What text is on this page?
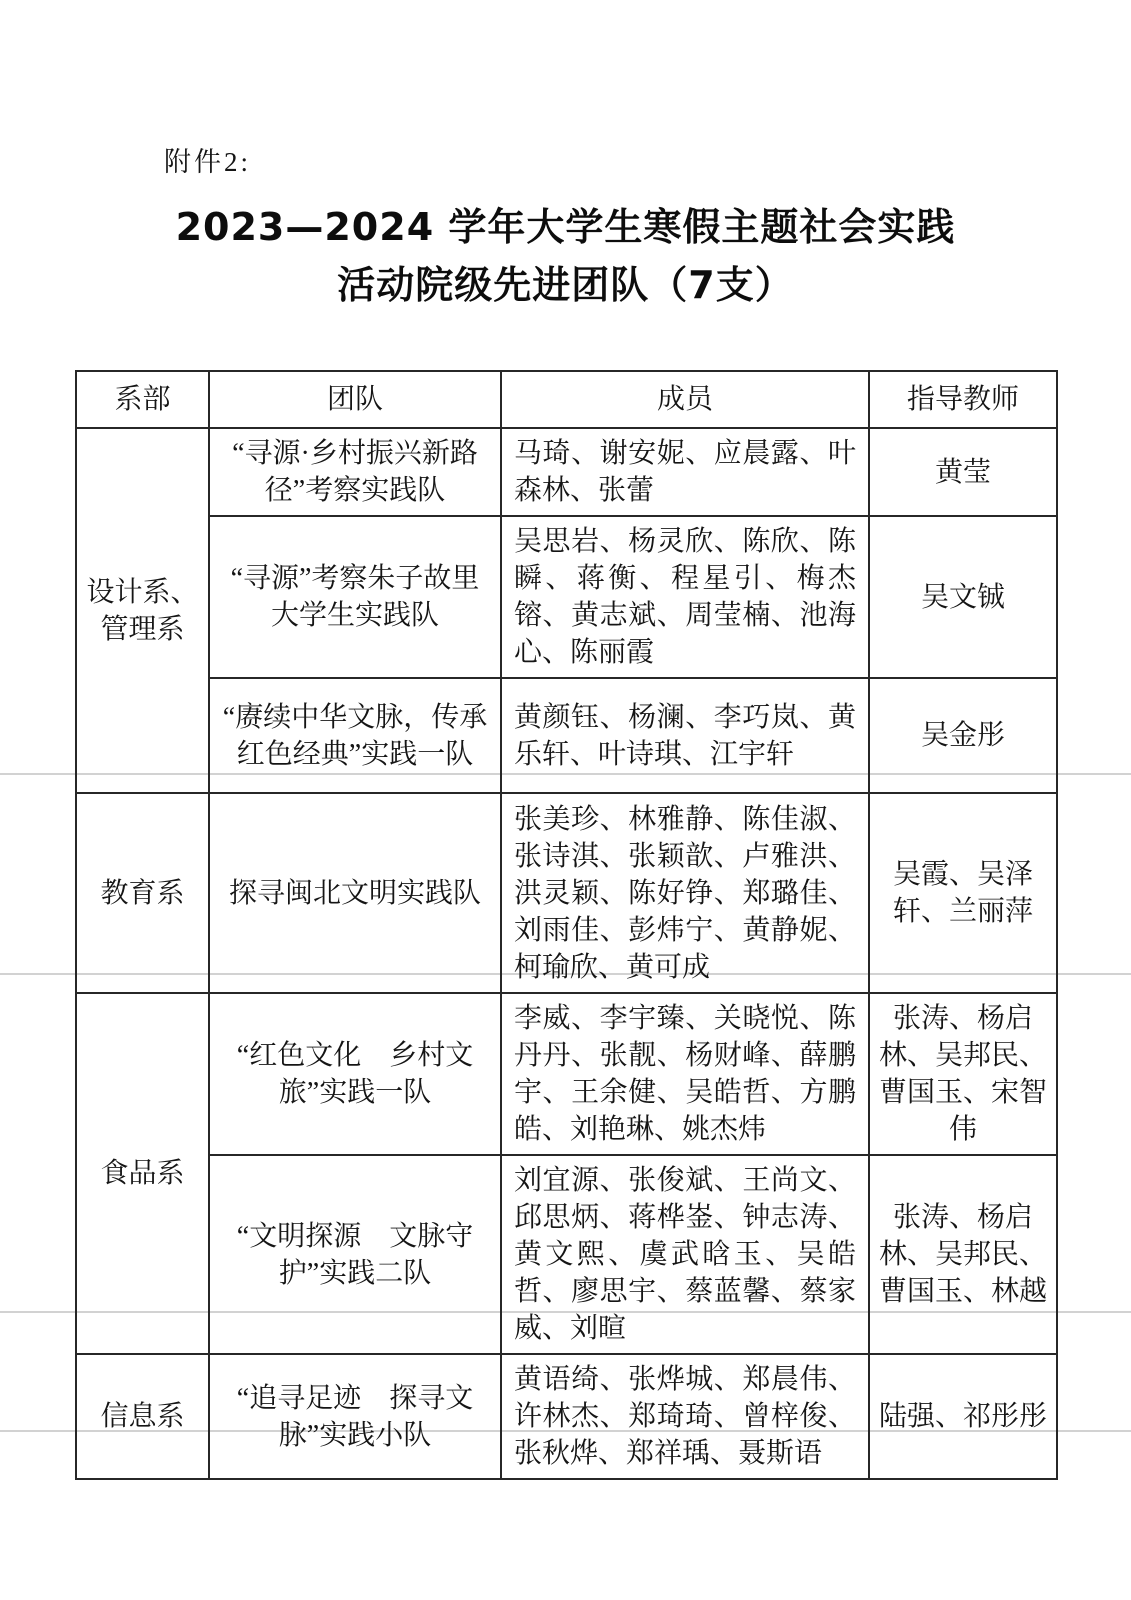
附件2:
2023—2024 学年大学生寒假主题社会实践
活动院级先进团队（7支）
系部	团队	成员	指导教师

设计系、
管理系	“寻源·乡村振兴新路径”考察实践队	马琦、谢安妮、应晨露、叶森林、张蕾	黄莹
	“寻源”考察朱子故里大学生实践队	吴思岩、杨灵欣、陈欣、陈瞬、蒋衡、程星引、梅杰镕、黄志斌、周莹楠、池海心、陈丽霞	吴文铖
	“赓续中华文脉，传承红色经典”实践一队	黄颜钰、杨澜、李巧岚、黄乐轩、叶诗琪、江宇轩	吴金彤

教育系	探寻闽北文明实践队	张美珍、林雅静、陈佳淑、张诗淇、张颖歆、卢雅洪、洪灵颖、陈好铮、郑璐佳、刘雨佳、彭炜宁、黄静妮、柯瑜欣、黄可成	吴霞、吴泽轩、兰丽萍

食品系	“红色文化　乡村文旅”实践一队	李威、李宇臻、关晓悦、陈丹丹、张靓、杨财峰、薛鹏宇、王余健、吴皓哲、方鹏皓、刘艳琳、姚杰炜	张涛、杨启林、吴邦民、曹国玉、宋智伟
	“文明探源　文脉守护”实践二队	刘宜源、张俊斌、王尚文、邱思炳、蒋桦崟、钟志涛、黄文熙、虞武晗玉、吴皓哲、廖思宇、蔡蓝馨、蔡家威、刘暄	张涛、杨启林、吴邦民、曹国玉、林越

信息系	“追寻足迹　探寻文脉”实践小队	黄语绮、张烨城、郑晨伟、许林杰、郑琦琦、曾梓俊、张秋烨、郑祥瑀、聂斯语	陆强、祁彤彤
